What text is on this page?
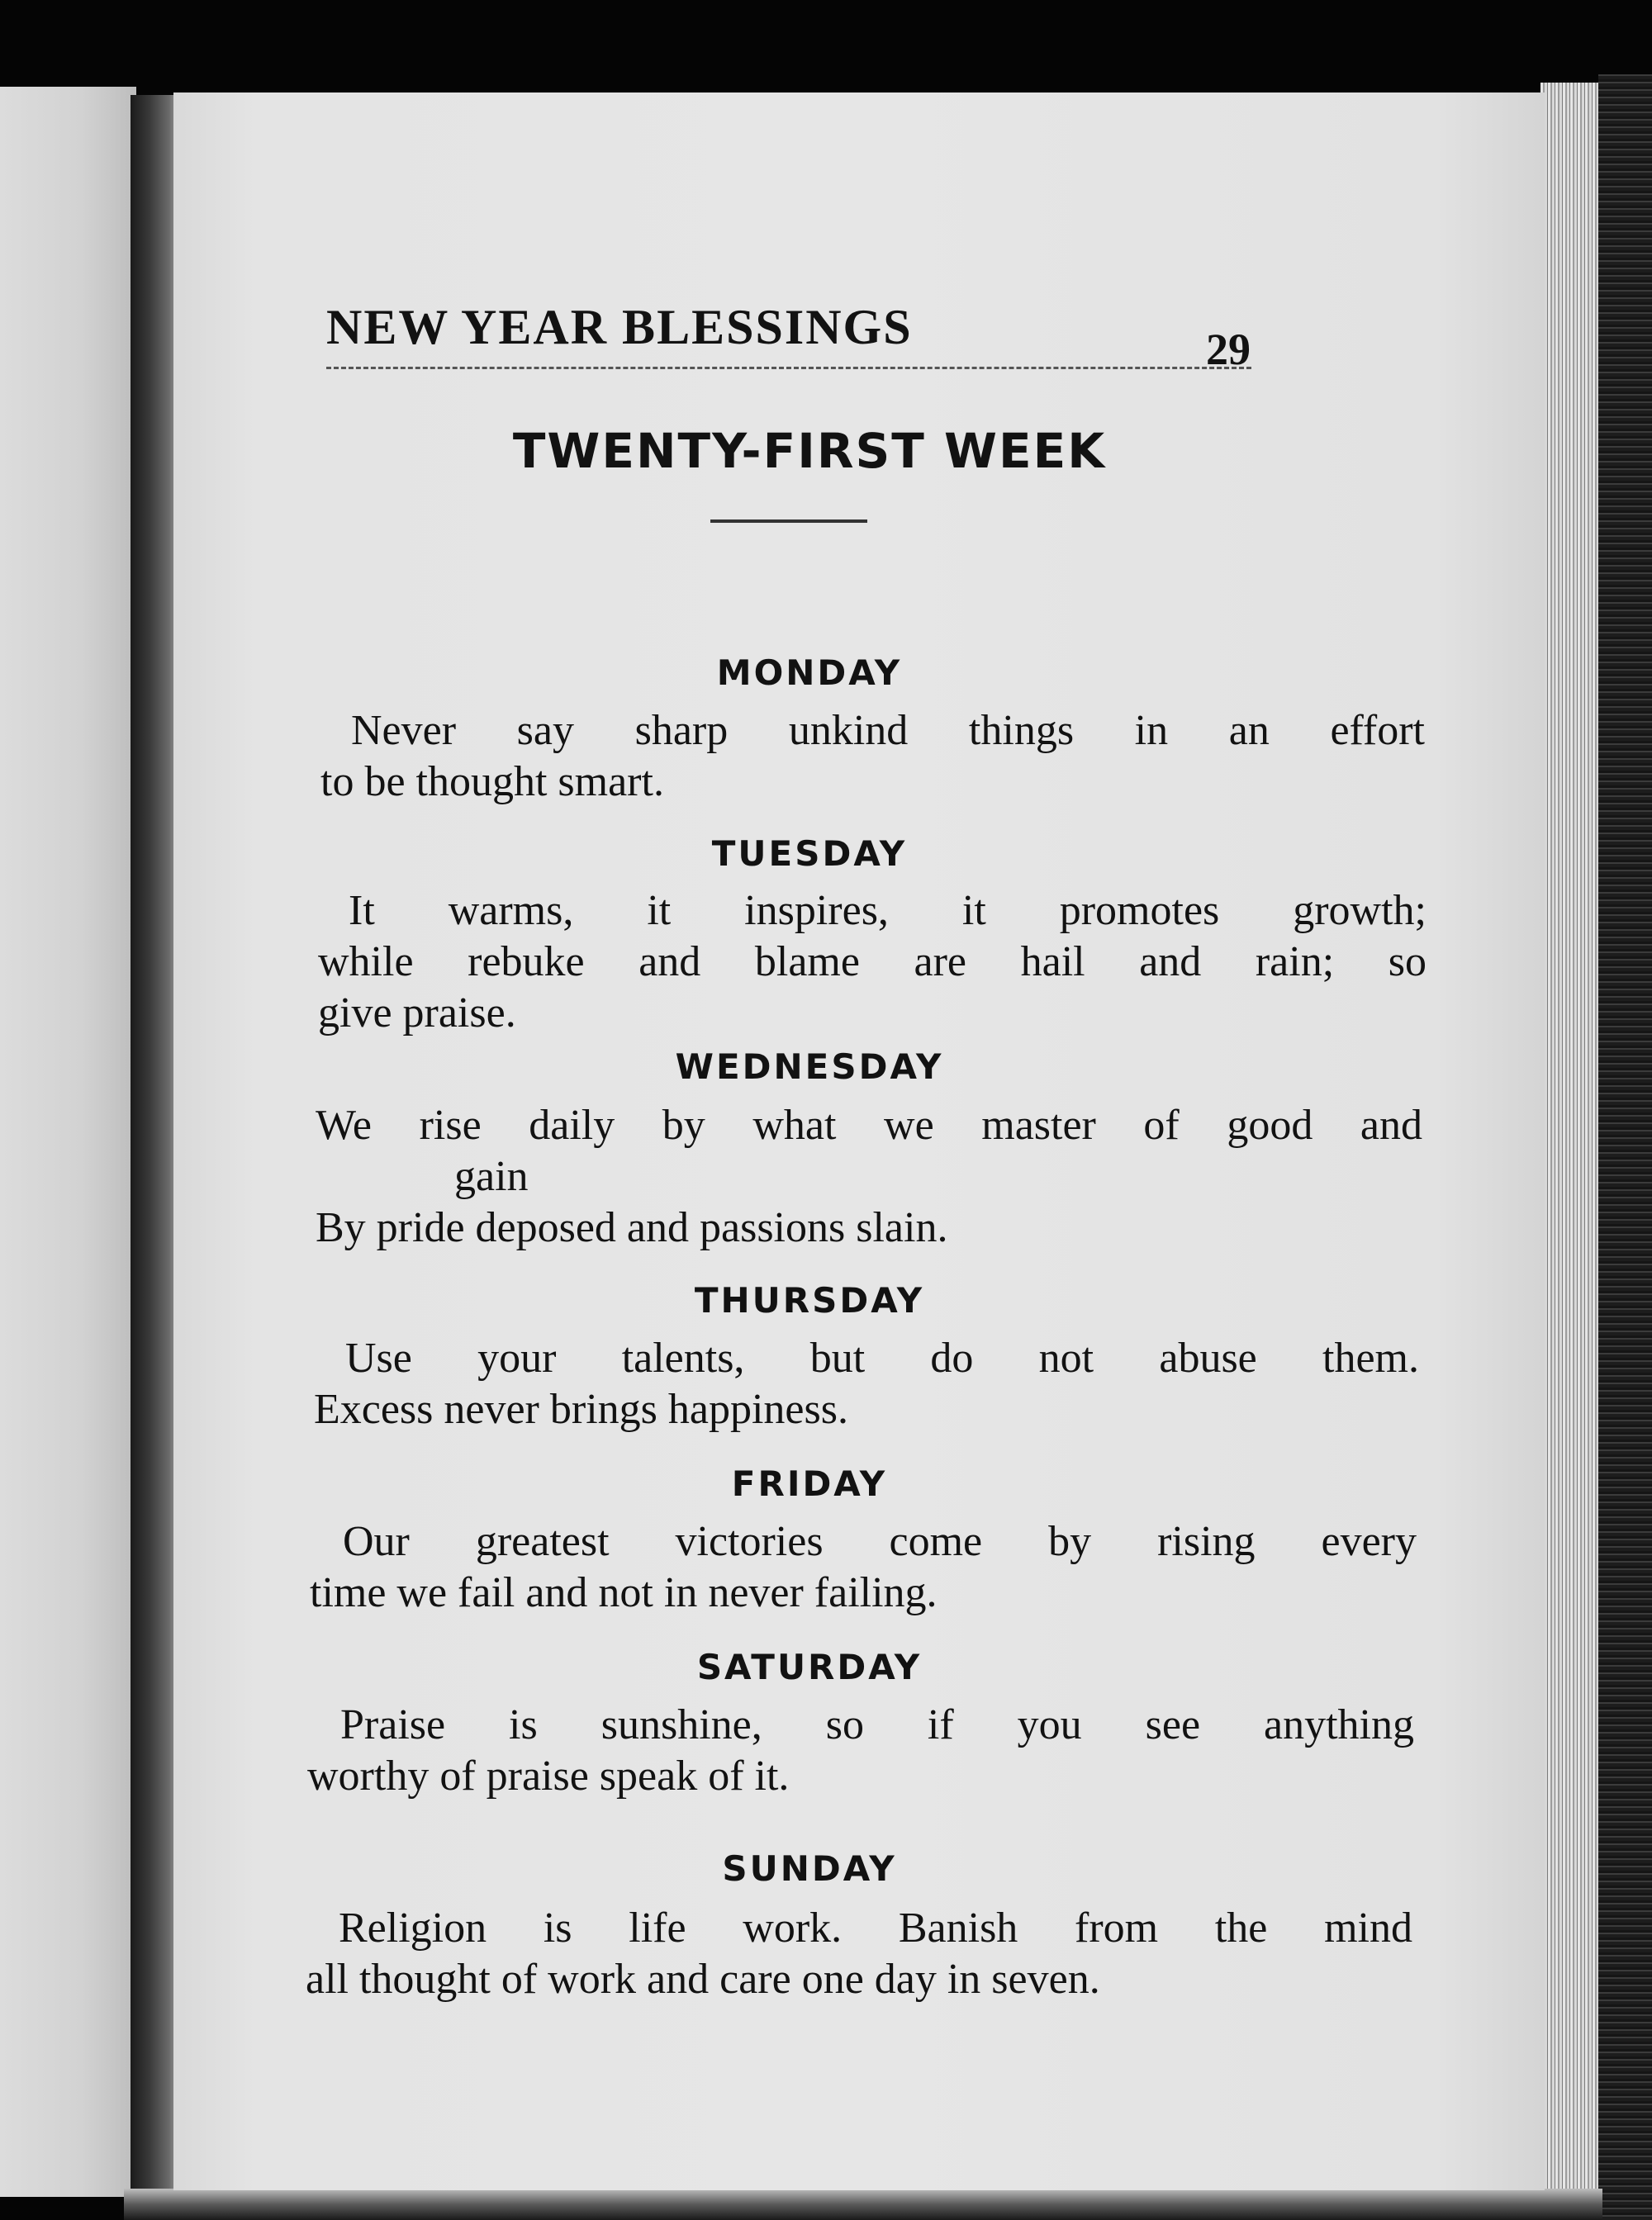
NEW YEAR BLESSINGS	29

TWENTY-FIRST WEEK
MONDAY

Never say sharp unkind things in an effort

to be thought smart.

TUESDAY

It warms, it inspires, it promotes growth;

while rebuke and blame are hail and rain; so

give praise.

WEDNESDAY

We rise daily by what we master of good and

gain

By pride deposed and passions slain.

THURSDAY

Use your talents, but do not abuse them.

Excess never brings happiness.

FRIDAY

Our greatest victories come by rising every

time we fail and not in never failing.

SATURDAY

Praise is sunshine, so if you see anything

worthy of praise speak of it.

SUNDAY

Religion is life work. Banish from the mind

all thought of work and care one day in seven.
